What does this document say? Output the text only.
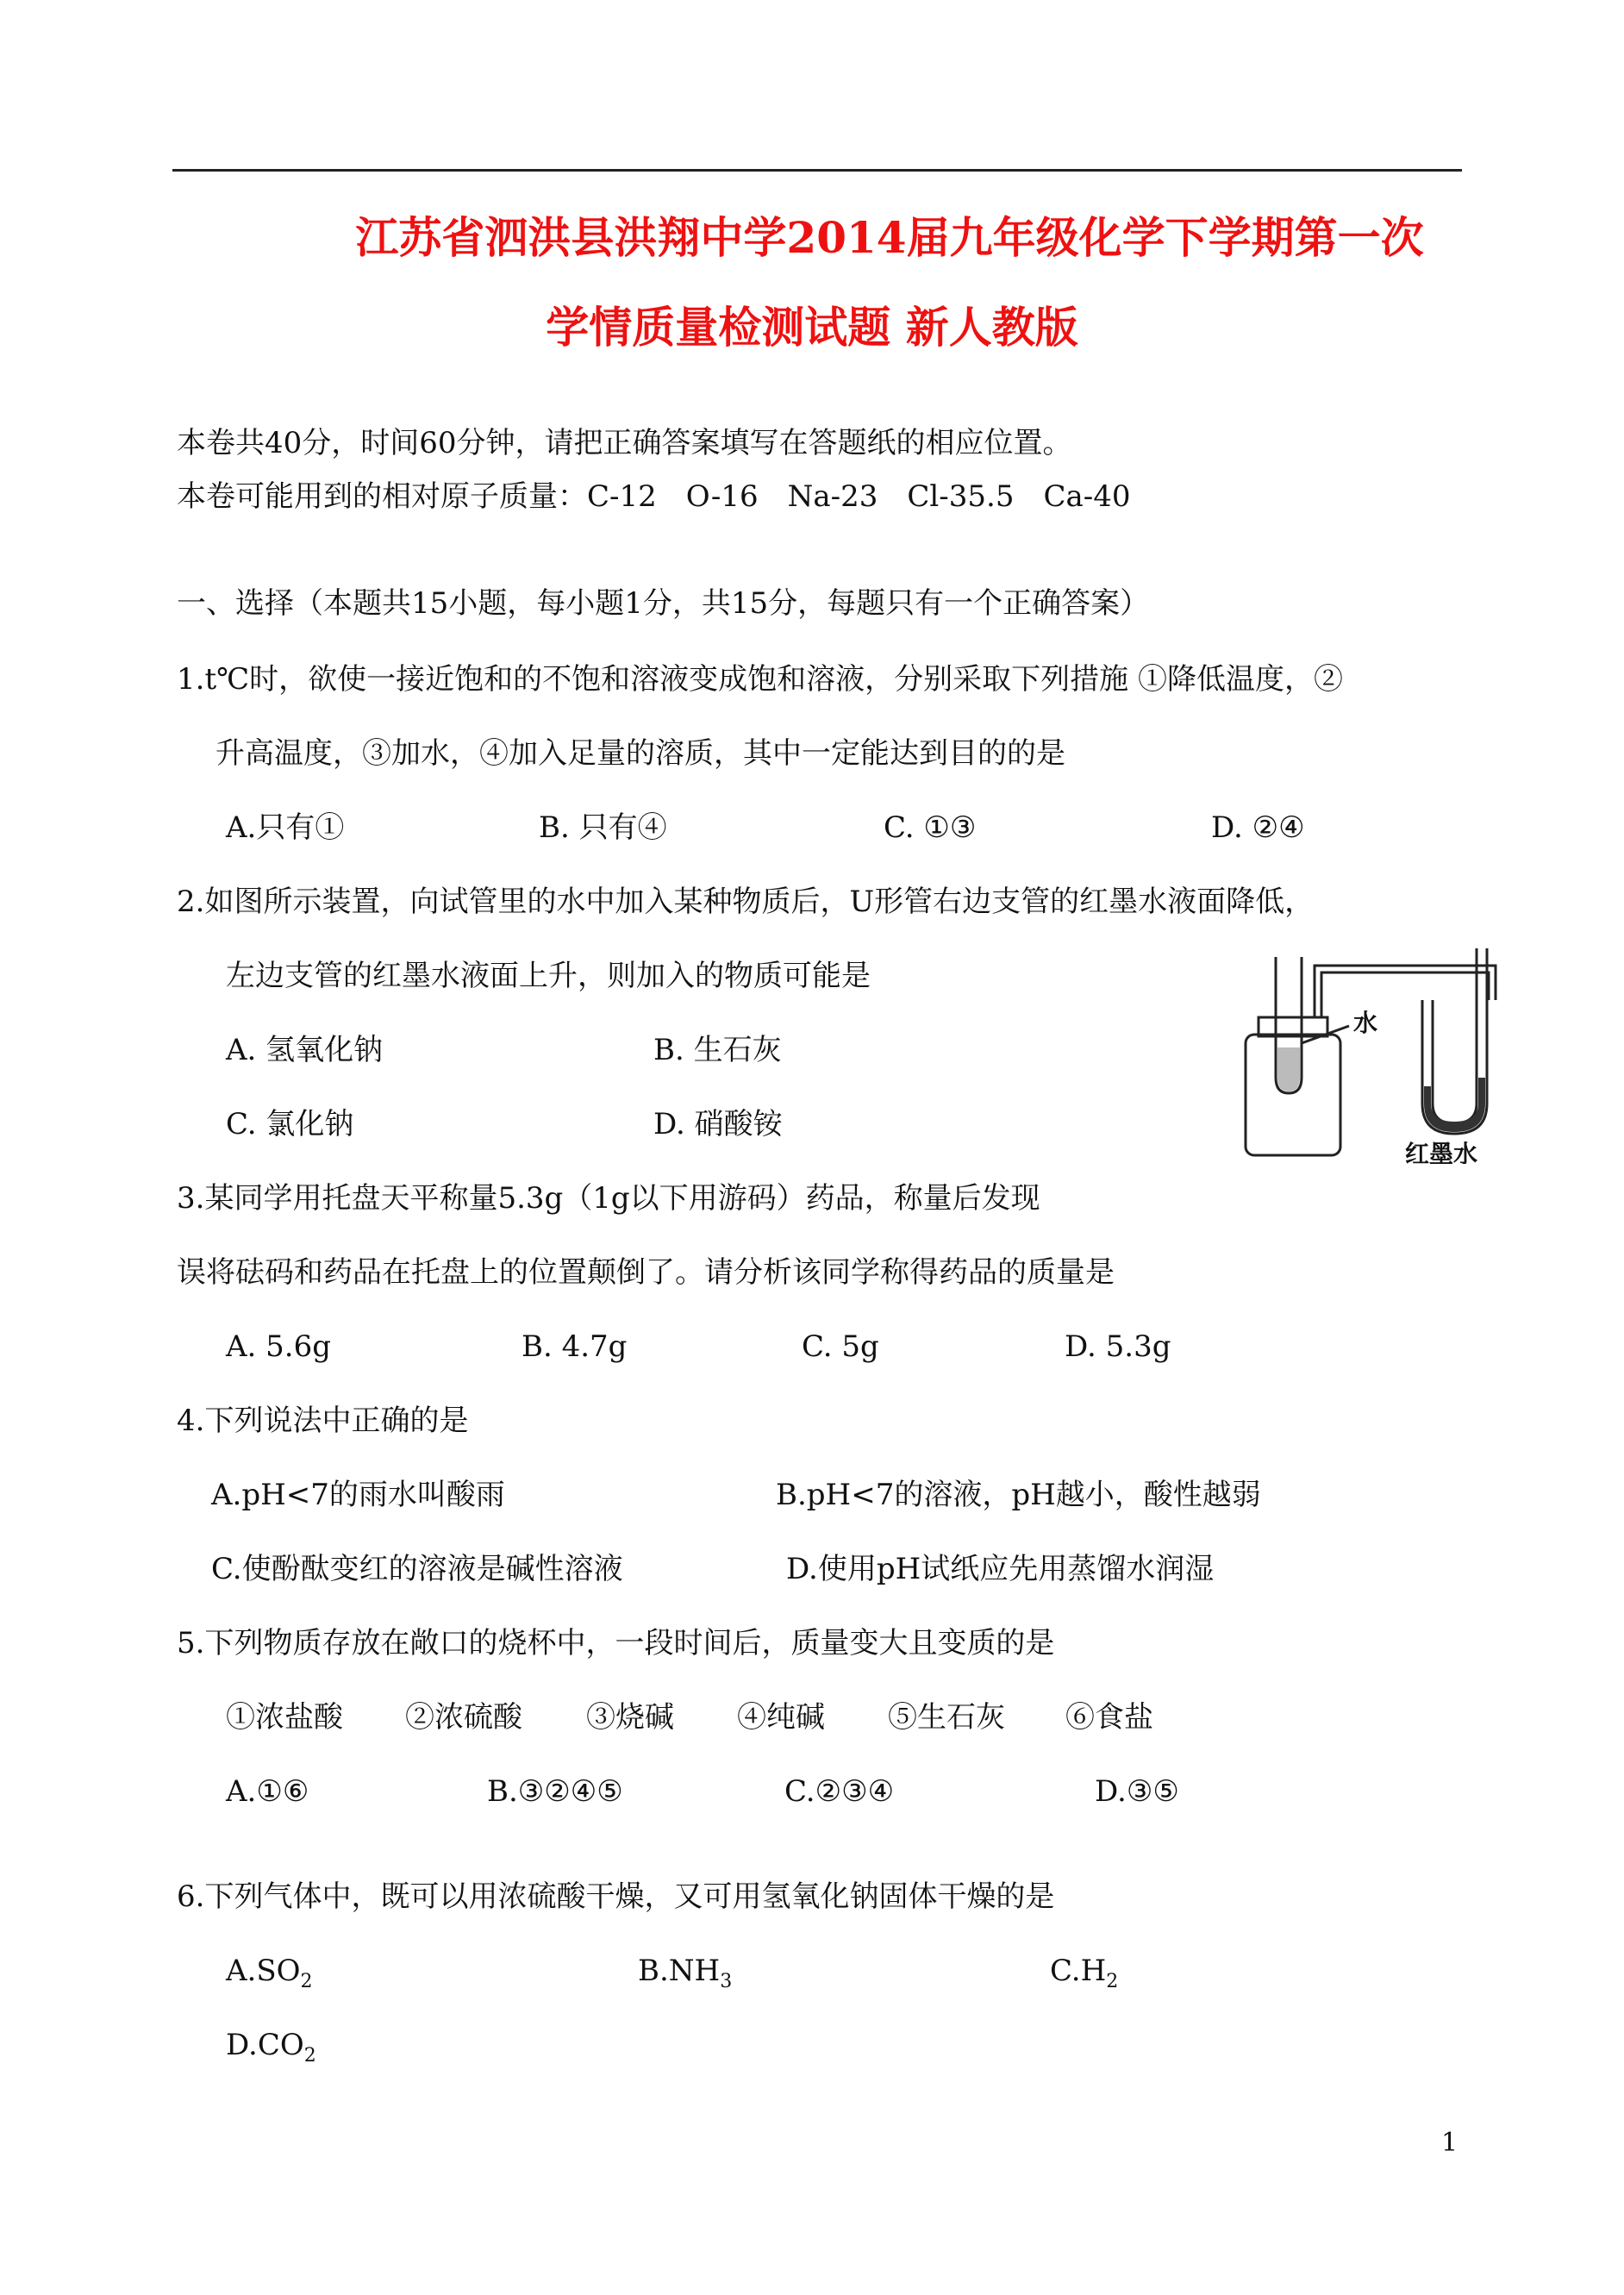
江苏省泗洪县洪翔中学2014届九年级化学下学期第一次
学情质量检测试题 新人教版
本卷共40分，时间60分钟，请把正确答案填写在答题纸的相应位置。
本卷可能用到的相对原子质量：C-12　O-16　Na-23　Cl-35.5　Ca-40
一、选择（本题共15小题，每小题1分，共15分，每题只有一个正确答案）
1.t℃时，欲使一接近饱和的不饱和溶液变成饱和溶液，分别采取下列措施 ①降低温度，②
升高温度，③加水，④加入足量的溶质，其中一定能达到目的的是
A.只有①	B. 只有④	C. ①③	D. ②④
2.如图所示装置，向试管里的水中加入某种物质后，U形管右边支管的红墨水液面降低，
左边支管的红墨水液面上升，则加入的物质可能是
A. 氢氧化钠	B. 生石灰
C. 氯化钠	D. 硝酸铵
水
红墨水
3.某同学用托盘天平称量5.3g（1g以下用游码）药品，称量后发现
误将砝码和药品在托盘上的位置颠倒了。请分析该同学称得药品的质量是
A. 5.6g	B. 4.7g	C. 5g	D. 5.3g
4.下列说法中正确的是
A.pH<7的雨水叫酸雨	B.pH<7的溶液，pH越小，酸性越弱
C.使酚酞变红的溶液是碱性溶液	D.使用pH试纸应先用蒸馏水润湿
5.下列物质存放在敞口的烧杯中，一段时间后，质量变大且变质的是
①浓盐酸 ②浓硫酸 ③烧碱 ④纯碱 ⑤生石灰 ⑥食盐
A.①⑥	B.③②④⑤	C.②③④	D.③⑤
6.下列气体中，既可以用浓硫酸干燥，又可用氢氧化钠固体干燥的是
$A.SO_2$	$B.NH_3$	$C.H_2$
$D.CO_2$
1
